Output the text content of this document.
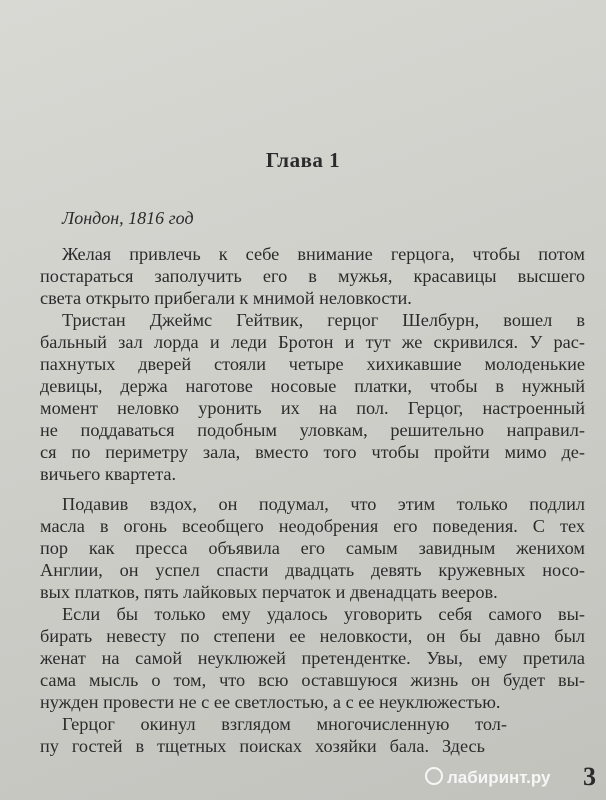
Глава 1
Лондон, 1816 год
Желая привлечь к себе внимание герцога, чтобы потом
постараться заполучить его в мужья, красавицы высшего
света открыто прибегали к мнимой неловкости.
Тристан Джеймс Гейтвик, герцог Шелбурн, вошел в
бальный зал лорда и леди Бротон и тут же скривился. У рас-
пахнутых дверей стояли четыре хихикавшие молоденькие
девицы, держа наготове носовые платки, чтобы в нужный
момент неловко уронить их на пол. Герцог, настроенный
не поддаваться подобным уловкам, решительно направил-
ся по периметру зала, вместо того чтобы пройти мимо де-
вичьего квартета.
Подавив вздох, он подумал, что этим только подлил
масла в огонь всеобщего неодобрения его поведения. С тех
пор как пресса объявила его самым завидным женихом
Англии, он успел спасти двадцать девять кружевных носо-
вых платков, пять лайковых перчаток и двенадцать вееров.
Если бы только ему удалось уговорить себя самого вы-
бирать невесту по степени ее неловкости, он бы давно был
женат на самой неуклюжей претендентке. Увы, ему претила
сама мысль о том, что всю оставшуюся жизнь он будет вы-
нужден провести не с ее светлостью, а с ее неуклюжестью.
Герцог окинул взглядом многочисленную тол-
пу гостей в тщетных поисках хозяйки бала. Здесь
лабиринт.ру 3
